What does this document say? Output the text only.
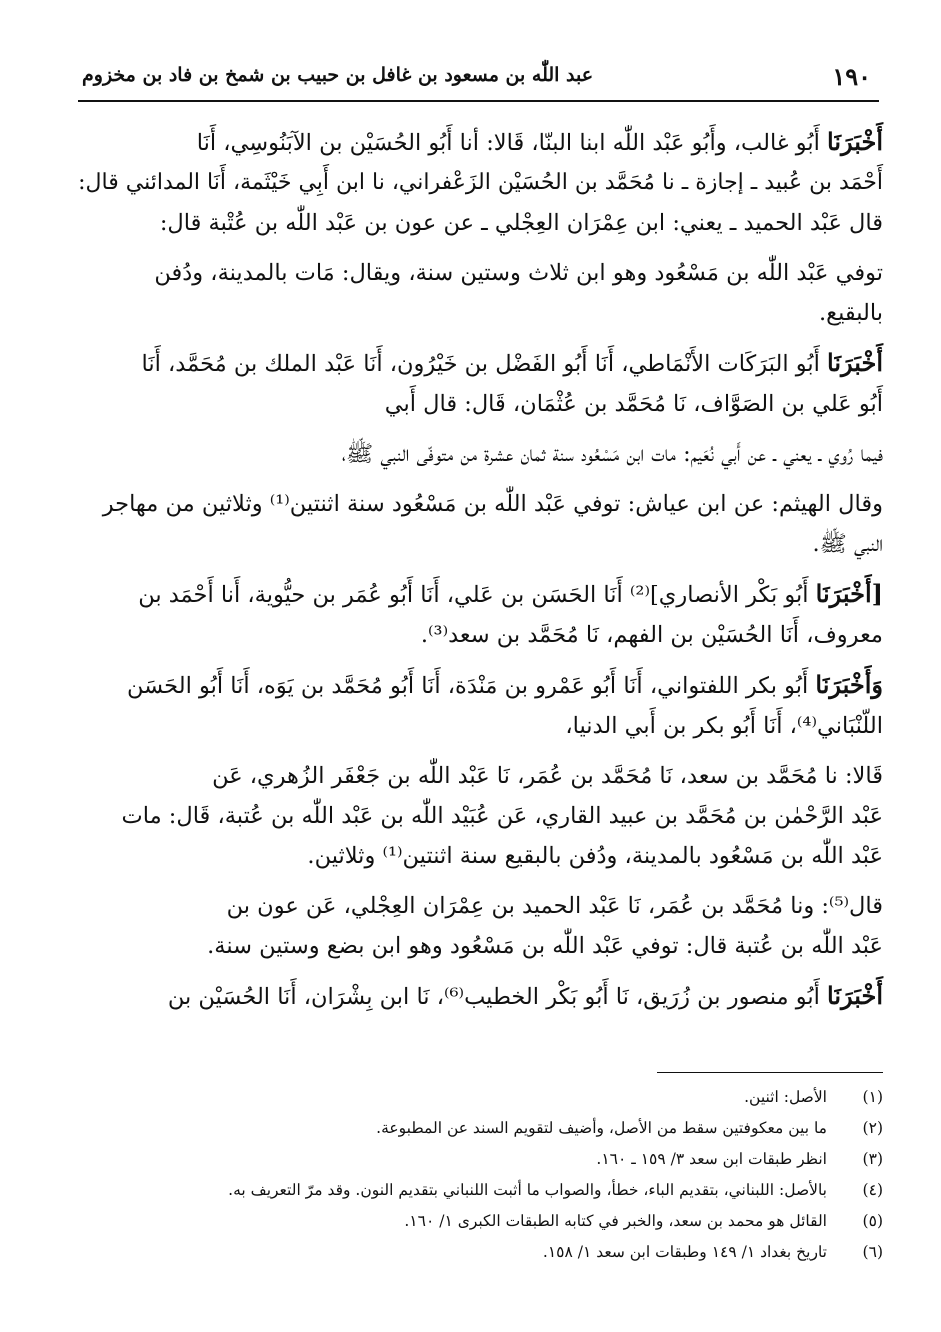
١٩٠
عبد اللّٰه بن مسعود بن غافل بن حبيب بن شمخ بن فاد بن مخزوم

أَخْبَرَنَا أَبُو غالب، وأَبُو عَبْد اللّٰه ابنا البنّا، قَالا: أنا أَبُو الحُسَيْن بن الآبَنُوسِي، أَنَا
أَحْمَد بن عُبيد ـ إجازة ـ نا مُحَمَّد بن الحُسَيْن الزَعْفراني، نا ابن أَبِي خَيْثَمة، أَنَا المدائني قال:
قال عَبْد الحميد ـ يعني: ابن عِمْرَان العِجْلي ـ عن عون بن عَبْد اللّٰه بن عُتْبة قال:

توفي عَبْد اللّٰه بن مَسْعُود وهو ابن ثلاث وستين سنة، ويقال: مَات بالمدينة، ودُفن
بالبقيع.

أَخْبَرَنَا أَبُو البَرَكَات الأَنْمَاطي، أَنَا أَبُو الفَضْل بن خَيْرُون، أَنَا عَبْد الملك بن مُحَمَّد، أَنَا
أَبُو عَلي بن الصَوَّاف، نَا مُحَمَّد بن عُثْمَان، قَال: قال أَبي

فيما رُوي ـ يعني ـ عن أَبي نُعَيم: مات ابن مَسْعُود سنة ثمان عشرة من متوفّى النبي ﷺ،

وقال الهيثم: عن ابن عياش: توفي عَبْد اللّٰه بن مَسْعُود سنة اثنتين⁽¹⁾ وثلاثين من مهاجر
النبي ﷺ.

[أَخْبَرَنَا أَبُو بَكْر الأنصاري]⁽²⁾ أَنَا الحَسَن بن عَلي، أَنَا أَبُو عُمَر بن حيُّوية، أَنا أَحْمَد بن
معروف، أَنَا الحُسَيْن بن الفهم، نَا مُحَمَّد بن سعد⁽³⁾.

وَأَخْبَرَنَا أَبُو بكر اللفتواني، أَنَا أَبُو عَمْرو بن مَنْدَة، أَنَا أَبُو مُحَمَّد بن يَوَه، أَنَا أَبُو الحَسَن
اللّنْبَاني⁽⁴⁾، أَنَا أَبُو بكر بن أَبي الدنيا،

قَالا: نا مُحَمَّد بن سعد، نَا مُحَمَّد بن عُمَر، نَا عَبْد اللّٰه بن جَعْفَر الزُهري، عَن
عَبْد الرَّحْمٰن بن مُحَمَّد بن عبيد القاري، عَن عُبَيْد اللّٰه بن عَبْد اللّٰه بن عُتبة، قَال: مات
عَبْد اللّٰه بن مَسْعُود بالمدينة، ودُفن بالبقيع سنة اثنتين⁽¹⁾ وثلاثين.

قال⁽⁵⁾: ونا مُحَمَّد بن عُمَر، نَا عَبْد الحميد بن عِمْرَان العِجْلي، عَن عون بن
عَبْد اللّٰه بن عُتبة قال: توفي عَبْد اللّٰه بن مَسْعُود وهو ابن بضع وستين سنة.

أَخْبَرَنَا أَبُو منصور بن زُرَيق، نَا أَبُو بَكْر الخطيب⁽⁶⁾، نَا ابن بِشْرَان، أَنَا الحُسَيْن بن

(١)
الأصل: اثنين.
(٢)
ما بين معكوفتين سقط من الأصل، وأضيف لتقويم السند عن المطبوعة.
(٣)
انظر طبقات ابن سعد ٣/ ١٥٩ ـ ١٦٠.
(٤)
بالأصل: اللبناني، بتقديم الباء، خطأ، والصواب ما أثبت اللنباني بتقديم النون. وقد مرّ التعريف به.
(٥)
القائل هو محمد بن سعد، والخبر في كتابه الطبقات الكبرى ١/ ١٦٠.
(٦)
تاريخ بغداد ١/ ١٤٩ وطبقات ابن سعد ١/ ١٥٨.
